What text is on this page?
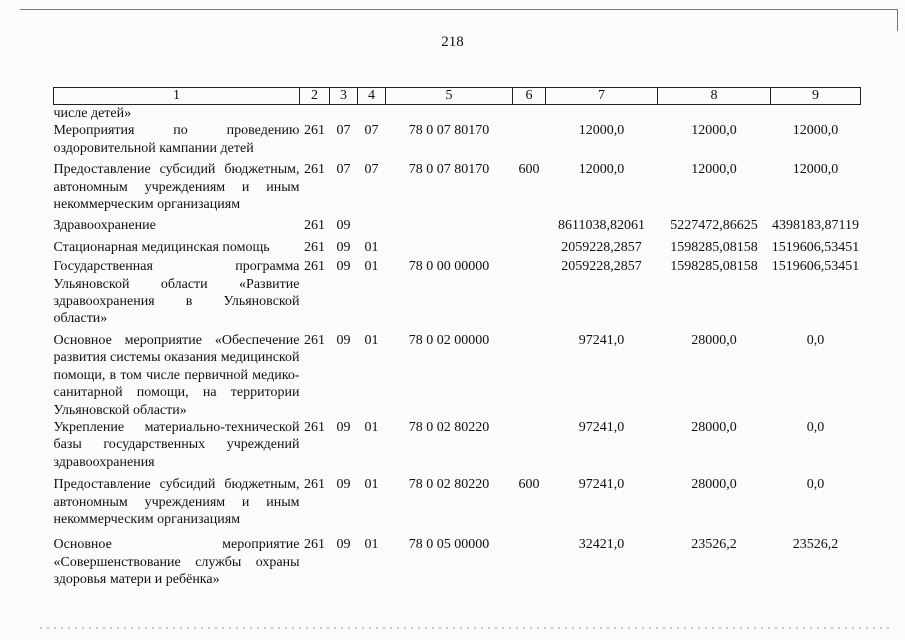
218
1	2	3	4	5	6	7	8	9
числе детей»								
Мероприятия по проведению оздоровительной кампании детей	261	07	07	78 0 07 80170		12000,0	12000,0	12000,0
Предоставление субсидий бюджетным, автономным учреждениям и иным некоммерческим организациям	261	07	07	78 0 07 80170	600	12000,0	12000,0	12000,0
Здравоохранение	261	09				8611038,82061	5227472,86625	4398183,87119
Стационарная медицинская помощь	261	09	01			2059228,2857	1598285,08158	1519606,53451
Государственная программа Ульяновской области «Развитие здравоохранения в Ульяновской области»	261	09	01	78 0 00 00000		2059228,2857	1598285,08158	1519606,53451
Основное мероприятие «Обеспечение развития системы оказания медицинской помощи, в том числе первичной медико-санитарной помощи, на территории Ульяновской области»	261	09	01	78 0 02 00000		97241,0	28000,0	0,0
Укрепление материально-технической базы государственных учреждений здравоохранения	261	09	01	78 0 02 80220		97241,0	28000,0	0,0
Предоставление субсидий бюджетным, автономным учреждениям и иным некоммерческим организациям	261	09	01	78 0 02 80220	600	97241,0	28000,0	0,0
Основное мероприятие «Совершенствование службы охраны здоровья матери и ребёнка»	261	09	01	78 0 05 00000		32421,0	23526,2	23526,2
